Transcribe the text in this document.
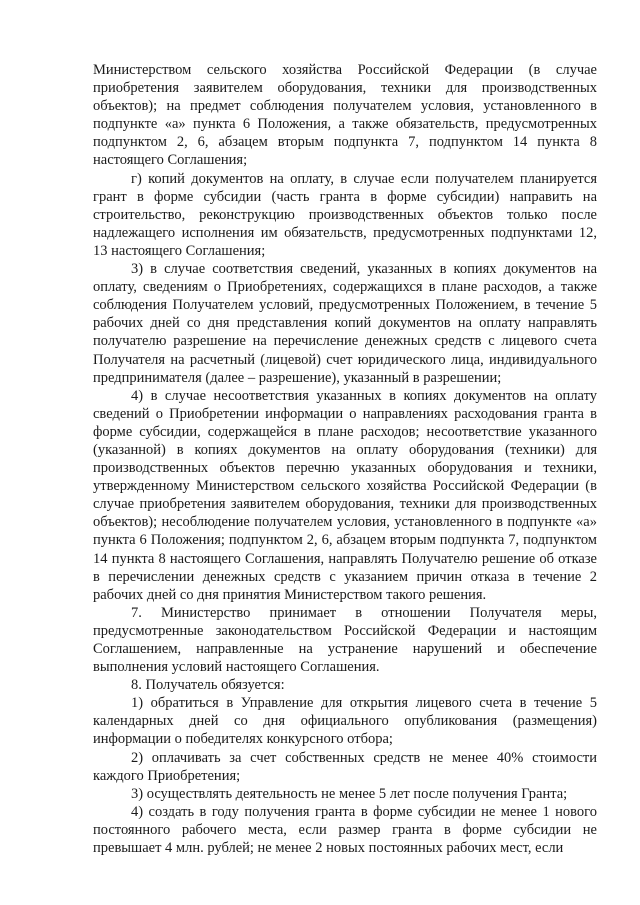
Министерством сельского хозяйства Российской Федерации (в случае приобретения заявителем оборудования, техники для производственных объектов); на предмет соблюдения получателем условия, установленного в подпункте «а» пункта 6 Положения, а также обязательств, предусмотренных подпунктом 2, 6, абзацем вторым подпункта 7, подпунктом 14 пункта 8 настоящего Соглашения;

г) копий документов на оплату, в случае если получателем планируется грант в форме субсидии (часть гранта в форме субсидии) направить на строительство, реконструкцию производственных объектов только после надлежащего исполнения им обязательств, предусмотренных подпунктами 12, 13 настоящего Соглашения;

3) в случае соответствия сведений, указанных в копиях документов на оплату, сведениям о Приобретениях, содержащихся в плане расходов, а также соблюдения Получателем условий, предусмотренных Положением, в течение 5 рабочих дней со дня представления копий документов на оплату направлять получателю разрешение на перечисление денежных средств с лицевого счета Получателя на расчетный (лицевой) счет юридического лица, индивидуального предпринимателя (далее – разрешение), указанный в разрешении;

4) в случае несоответствия указанных в копиях документов на оплату сведений о Приобретении информации о направлениях расходования гранта в форме субсидии, содержащейся в плане расходов; несоответствие указанного (указанной) в копиях документов на оплату оборудования (техники) для производственных объектов перечню указанных оборудования и техники, утвержденному Министерством сельского хозяйства Российской Федерации (в случае приобретения заявителем оборудования, техники для производственных объектов); несоблюдение получателем условия, установленного в подпункте «а» пункта 6 Положения; подпунктом 2, 6, абзацем вторым подпункта 7, подпунктом 14 пункта 8 настоящего Соглашения, направлять Получателю решение об отказе в перечислении денежных средств с указанием причин отказа в течение 2 рабочих дней со дня принятия Министерством такого решения.

7. Министерство принимает в отношении Получателя меры, предусмотренные законодательством Российской Федерации и настоящим Соглашением, направленные на устранение нарушений и обеспечение выполнения условий настоящего Соглашения.

8. Получатель обязуется:

1) обратиться в Управление для открытия лицевого счета в течение 5 календарных дней со дня официального опубликования (размещения) информации о победителях конкурсного отбора;

2) оплачивать за счет собственных средств не менее 40% стоимости каждого Приобретения;

3) осуществлять деятельность не менее 5 лет после получения Гранта;

4) создать в году получения гранта в форме субсидии не менее 1 нового постоянного рабочего места, если размер гранта в форме субсидии не превышает 4 млн. рублей; не менее 2 новых постоянных рабочих мест, если
